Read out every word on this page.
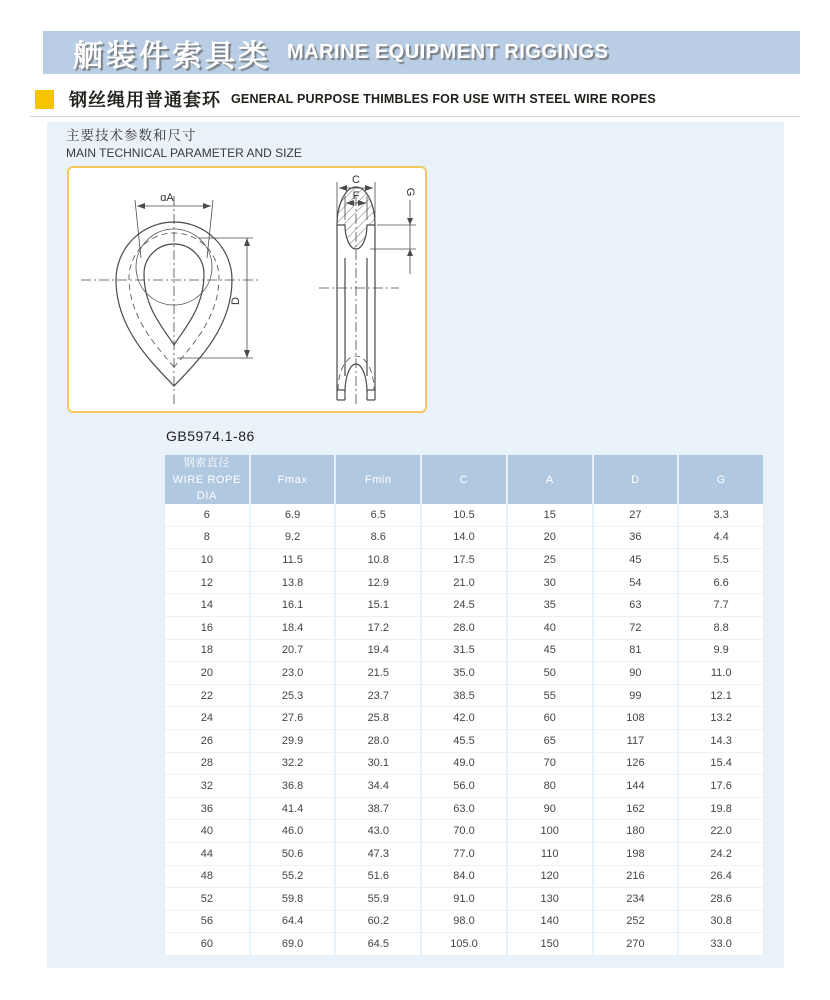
舾装件索具类 MARINE EQUIPMENT RIGGINGS
钢丝绳用普通套环 GENERAL PURPOSE THIMBLES FOR USE WITH STEEL WIRE ROPES
主要技术参数和尺寸
MAIN TECHNICAL PARAMETER AND SIZE
ɑA
D
C
F	G
GB5974.1-86
钢索直径
WIRE ROPE DIA
Fmax	Fmin	C	A	D	G
6	6.9	6.5	10.5	15	27	3.3
8	9.2	8.6	14.0	20	36	4.4
10	11.5	10.8	17.5	25	45	5.5
12	13.8	12.9	21.0	30	54	6.6
14	16.1	15.1	24.5	35	63	7.7
16	18.4	17.2	28.0	40	72	8.8
18	20.7	19.4	31.5	45	81	9.9
20	23.0	21.5	35.0	50	90	11.0
22	25.3	23.7	38.5	55	99	12.1
24	27.6	25.8	42.0	60	108	13.2
26	29.9	28.0	45.5	65	117	14.3
28	32.2	30.1	49.0	70	126	15.4
32	36.8	34.4	56.0	80	144	17.6
36	41.4	38.7	63.0	90	162	19.8
40	46.0	43.0	70.0	100	180	22.0
44	50.6	47.3	77.0	110	198	24.2
48	55.2	51.6	84.0	120	216	26.4
52	59.8	55.9	91.0	130	234	28.6
56	64.4	60.2	98.0	140	252	30.8
60	69.0	64.5	105.0	150	270	33.0
